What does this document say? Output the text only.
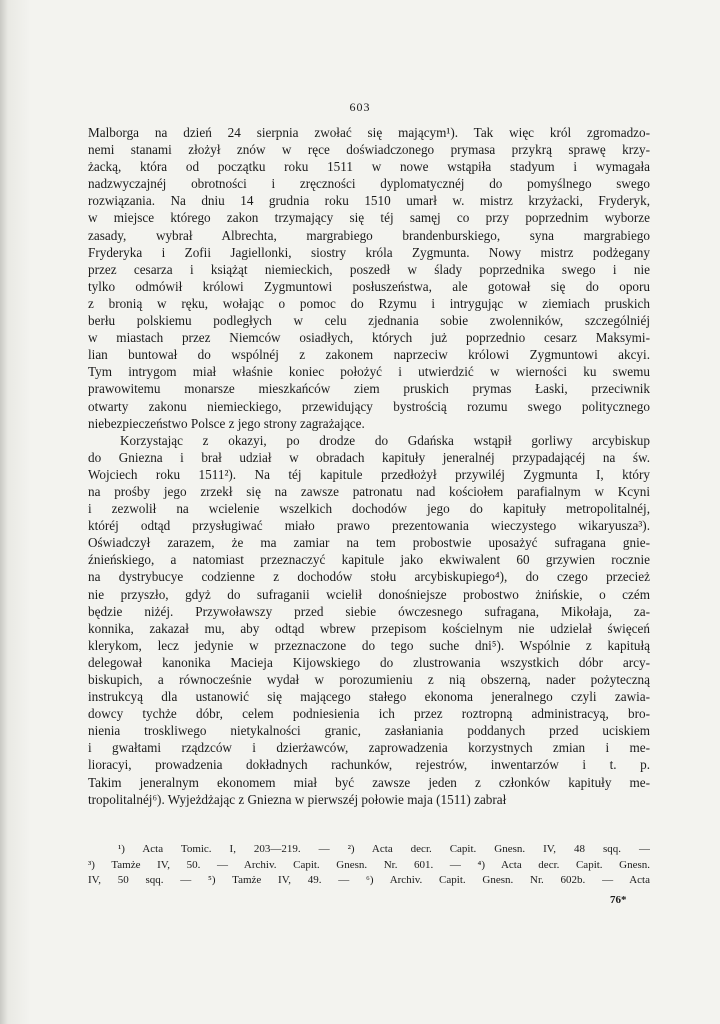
603
Malborga na dzień 24 sierpnia zwołać się mającym¹). Tak więc król zgromadzo-
nemi stanami złożył znów w ręce doświadczonego prymasa przykrą sprawę krzy-
żacką, która od początku roku 1511 w nowe wstąpiła stadyum i wymagała
nadzwyczajnéj obrotności i zręczności dyplomatycznéj do pomyślnego swego
rozwiązania. Na dniu 14 grudnia roku 1510 umarł w. mistrz krzyżacki, Fryderyk,
w miejsce którego zakon trzymający się téj samęj co przy poprzednim wyborze
zasady, wybrał Albrechta, margrabiego brandenburskiego, syna margrabiego
Fryderyka i Zofii Jagiellonki, siostry króla Zygmunta. Nowy mistrz podżegany
przez cesarza i książąt niemieckich, poszedł w ślady poprzednika swego i nie
tylko odmówił królowi Zygmuntowi posłuszeństwa, ale gotował się do oporu
z bronią w ręku, wołając o pomoc do Rzymu i intrygując w ziemiach pruskich
berłu polskiemu podległych w celu zjednania sobie zwolenników, szczególniéj
w miastach przez Niemców osiadłych, których już poprzednio cesarz Maksymi-
lian buntował do wspólnéj z zakonem naprzeciw królowi Zygmuntowi akcyi.
Tym intrygom miał właśnie koniec położyć i utwierdzić w wierności ku swemu
prawowitemu monarsze mieszkańców ziem pruskich prymas Łaski, przeciwnik
otwarty zakonu niemieckiego, przewidujący bystrością rozumu swego politycznego
niebezpieczeństwo Polsce z jego strony zagrażające.
Korzystając z okazyi, po drodze do Gdańska wstąpił gorliwy arcybiskup
do Gniezna i brał udział w obradach kapituły jeneralnéj przypadającéj na św.
Wojciech roku 1511²). Na téj kapitule przedłożył przywiléj Zygmunta I, który
na prośby jego zrzekł się na zawsze patronatu nad kościołem parafialnym w Kcyni
i zezwolił na wcielenie wszelkich dochodów jego do kapituły metropolitalnéj,
któréj odtąd przysługiwać miało prawo prezentowania wieczystego wikaryusza³).
Oświadczył zarazem, że ma zamiar na tem probostwie uposażyć sufragana gnie-
źnieńskiego, a natomiast przeznaczyć kapitule jako ekwiwalent 60 grzywien rocznie
na dystrybucye codzienne z dochodów stołu arcybiskupiego⁴), do czego przecież
nie przyszło, gdyż do sufraganii wcielił donośniejsze probostwo żnińskie, o czém
będzie niżéj. Przywoławszy przed siebie ówczesnego sufragana, Mikołaja, za-
konnika, zakazał mu, aby odtąd wbrew przepisom kościelnym nie udzielał święceń
klerykom, lecz jedynie w przeznaczone do tego suche dni⁵). Wspólnie z kapitułą
delegował kanonika Macieja Kijowskiego do zlustrowania wszystkich dóbr arcy-
biskupich, a równocześnie wydał w porozumieniu z nią obszerną, nader pożyteczną
instrukcyą dla ustanowić się mającego stałego ekonoma jeneralnego czyli zawia-
dowcy tychże dóbr, celem podniesienia ich przez roztropną administracyą, bro-
nienia troskliwego nietykalności granic, zasłaniania poddanych przed uciskiem
i gwałtami rządzców i dzierżawców, zaprowadzenia korzystnych zmian i me-
lioracyi, prowadzenia dokładnych rachunków, rejestrów, inwentarzów i t. p.
Takim jeneralnym ekonomem miał być zawsze jeden z członków kapituły me-
tropolitalnéj⁶). Wyjeżdżając z Gniezna w pierwszéj połowie maja (1511) zabrał
¹) Acta Tomic. I, 203—219. — ²) Acta decr. Capit. Gnesn. IV, 48 sqq. —
³) Tamże IV, 50. — Archiv. Capit. Gnesn. Nr. 601. — ⁴) Acta decr. Capit. Gnesn.
IV, 50 sqq. — ⁵) Tamże IV, 49. — ⁶) Archiv. Capit. Gnesn. Nr. 602b. — Acta
76*
